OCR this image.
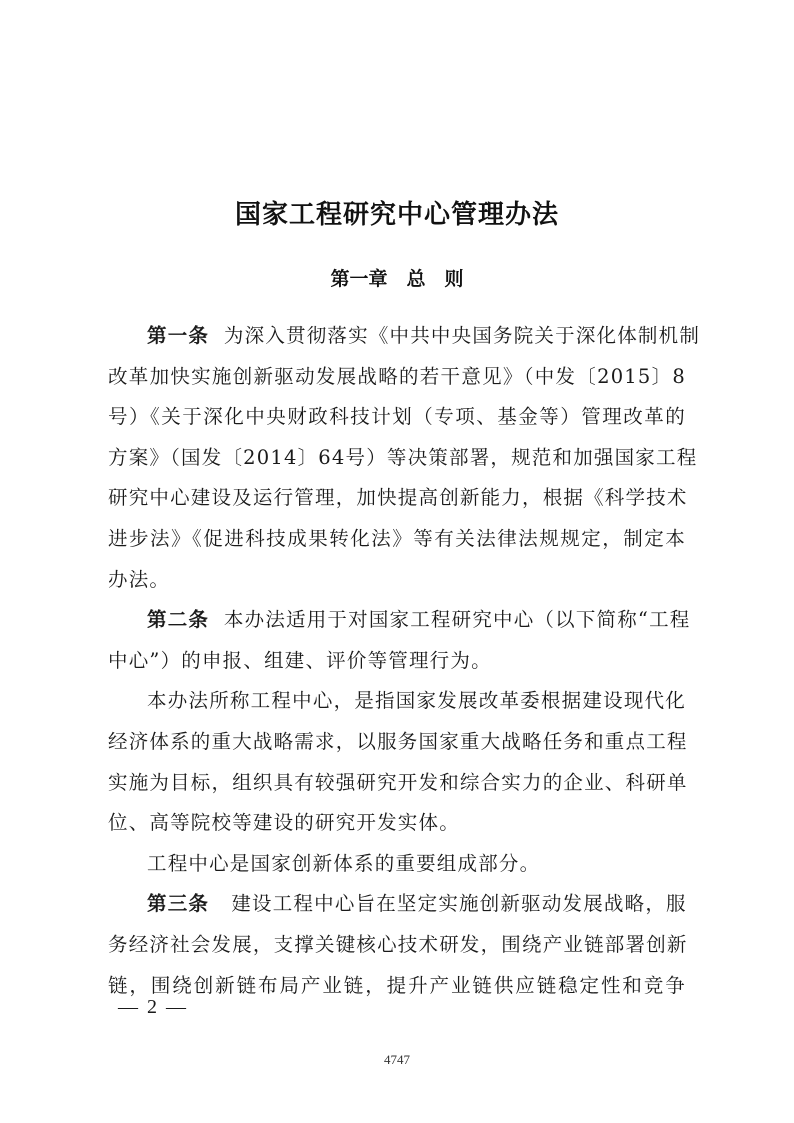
国家工程研究中心管理办法
第一章　总　则
第一条 为深入贯彻落实《中共中央国务院关于深化体制机制
改革加快实施创新驱动发展战略的若干意见》（中发〔2015〕8
号）《关于深化中央财政科技计划（专项、基金等）管理改革的
方案》（国发〔2014〕64号）等决策部署，规范和加强国家工程
研究中心建设及运行管理，加快提高创新能力，根据《科学技术
进步法》《促进科技成果转化法》等有关法律法规规定，制定本
办法。
第二条 本办法适用于对国家工程研究中心（以下简称“工程
中心”）的申报、组建、评价等管理行为。
本办法所称工程中心，是指国家发展改革委根据建设现代化
经济体系的重大战略需求，以服务国家重大战略任务和重点工程
实施为目标，组织具有较强研究开发和综合实力的企业、科研单
位、高等院校等建设的研究开发实体。
工程中心是国家创新体系的重要组成部分。
第三条 建设工程中心旨在坚定实施创新驱动发展战略，服
务经济社会发展，支撑关键核心技术研发，围绕产业链部署创新
链，围绕创新链布局产业链，提升产业链供应链稳定性和竞争
— 2 —
4747
